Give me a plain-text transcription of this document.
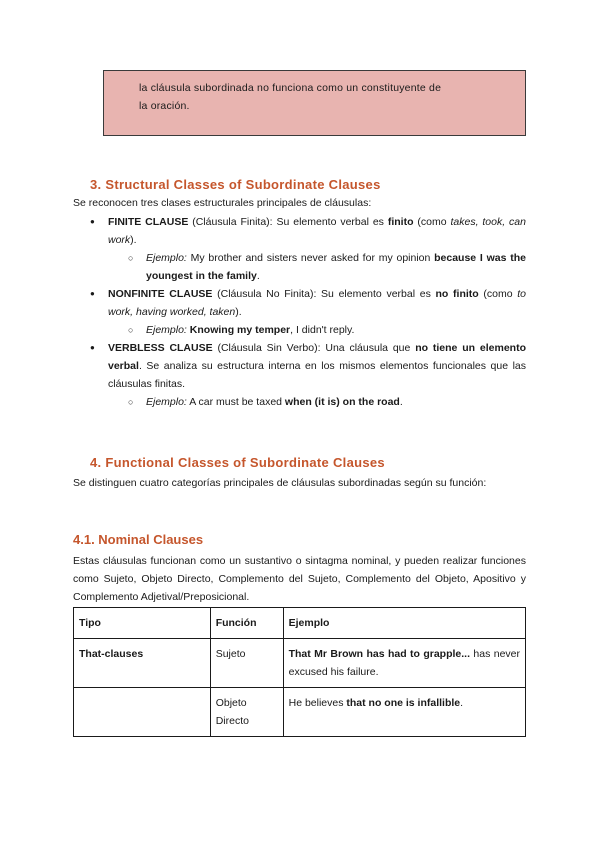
la cláusula subordinada no funciona como un constituyente de
la oración.
3. Structural Classes of Subordinate Clauses

Se reconocen tres clases estructurales principales de cláusulas:

● FINITE CLAUSE (Cláusula Finita): Su elemento verbal es finito (como takes, took, can work).
○ Ejemplo: My brother and sisters never asked for my opinion because I was the youngest in the family.
● NONFINITE CLAUSE (Cláusula No Finita): Su elemento verbal es no finito (como to work, having worked, taken).
○ Ejemplo: Knowing my temper, I didn't reply.
● VERBLESS CLAUSE (Cláusula Sin Verbo): Una cláusula que no tiene un elemento verbal. Se analiza su estructura interna en los mismos elementos funcionales que las cláusulas finitas.
○ Ejemplo: A car must be taxed when (it is) on the road.
4. Functional Classes of Subordinate Clauses

Se distinguen cuatro categorías principales de cláusulas subordinadas según su función:

4.1. Nominal Clauses

Estas cláusulas funcionan como un sustantivo o sintagma nominal, y pueden realizar funciones como Sujeto, Objeto Directo, Complemento del Sujeto, Complemento del Objeto, Apositivo y Complemento Adjetival/Preposicional.

Tipo	Función	Ejemplo
That-clauses	Sujeto	That Mr Brown has had to grapple... has never excused his failure.
	Objeto Directo	He believes that no one is infallible.
